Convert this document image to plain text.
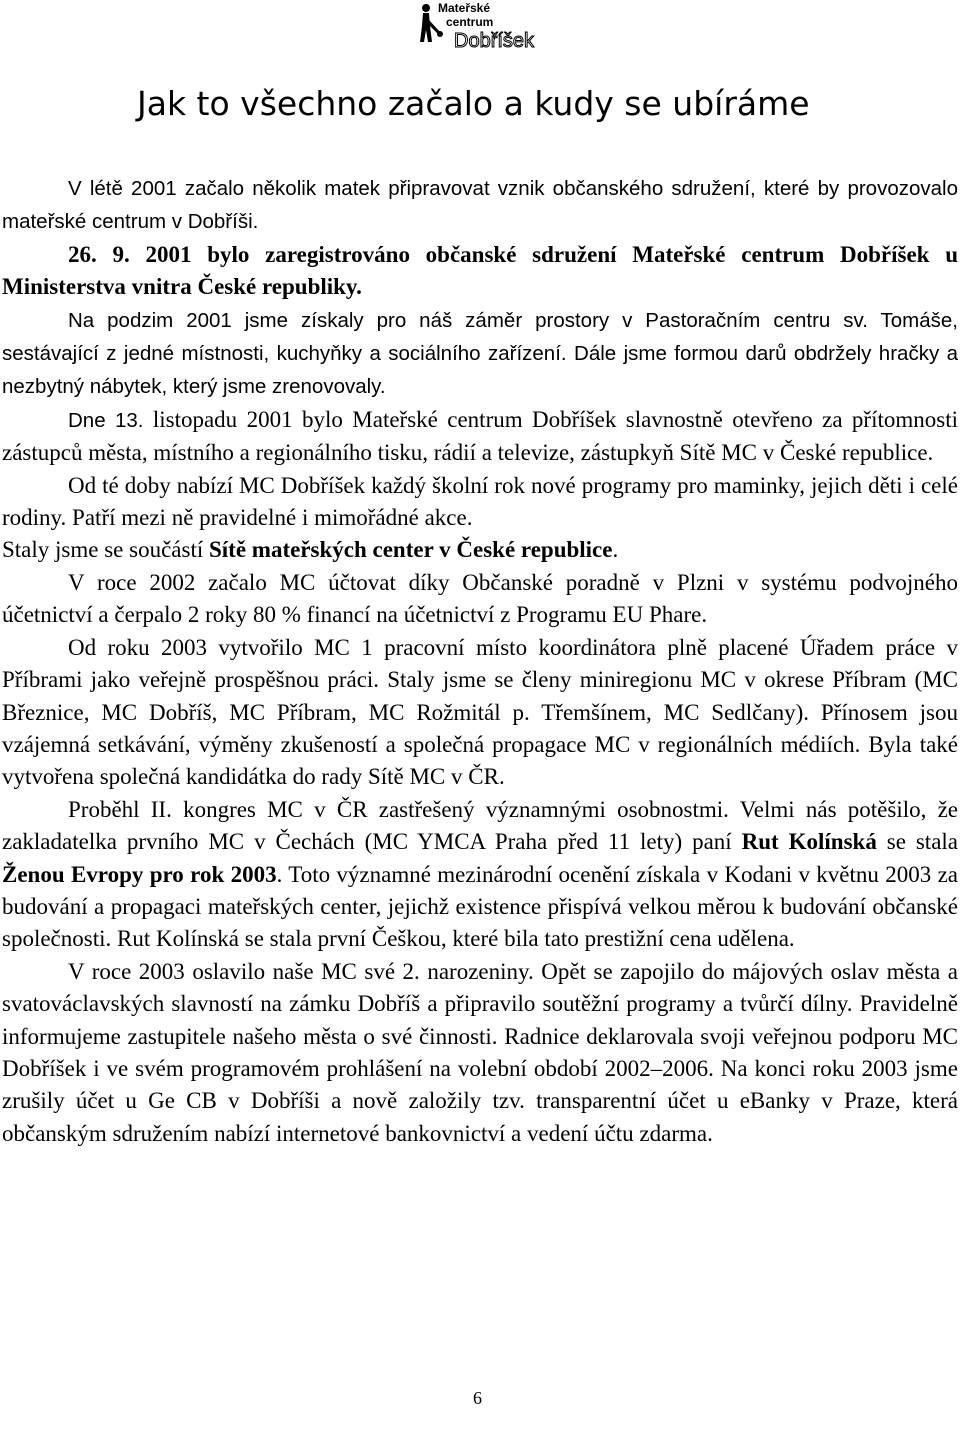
Mateřské
centrum
Dobříšek
Jak to všechno začalo a kudy se ubíráme

V létě 2001 začalo několik matek připravovat vznik občanského sdružení, které by provozovalo mateřské centrum v Dobříši.

26. 9. 2001 bylo zaregistrováno občanské sdružení Mateřské centrum Dobříšek u Ministerstva vnitra České republiky.

Na podzim 2001 jsme získaly pro náš záměr prostory v Pastoračním centru sv. Tomáše, sestávající z jedné místnosti, kuchyňky a sociálního zařízení. Dále jsme formou darů obdržely hračky a nezbytný nábytek, který jsme zrenovovaly.

Dne 13. listopadu 2001 bylo Mateřské centrum Dobříšek slavnostně otevřeno za přítomnosti zástupců města, místního a regionálního tisku, rádií a televize, zástupkyň Sítě MC v České republice.

Od té doby nabízí MC Dobříšek každý školní rok nové programy pro maminky, jejich děti i celé rodiny. Patří mezi ně pravidelné i mimořádné akce.

Staly jsme se součástí Sítě mateřských center v České republice.

V roce 2002 začalo MC účtovat díky Občanské poradně v Plzni v systému podvojného účetnictví a čerpalo 2 roky 80 % financí na účetnictví z Programu EU Phare.

Od roku 2003 vytvořilo MC 1 pracovní místo koordinátora plně placené Úřadem práce v Příbrami jako veřejně prospěšnou práci. Staly jsme se členy miniregionu MC v okrese Příbram (MC Březnice, MC Dobříš, MC Příbram, MC Rožmitál p. Třemšínem, MC Sedlčany). Přínosem jsou vzájemná setkávání, výměny zkušeností a společná propagace MC v regionálních médiích. Byla také vytvořena společná kandidátka do rady Sítě MC v ČR.

Proběhl II. kongres MC v ČR zastřešený významnými osobnostmi. Velmi nás potěšilo, že zakladatelka prvního MC v Čechách (MC YMCA Praha před 11 lety) paní Rut Kolínská se stala Ženou Evropy pro rok 2003. Toto významné mezinárodní ocenění získala v Kodani v květnu 2003 za budování a propagaci mateřských center, jejichž existence přispívá velkou měrou k budování občanské společnosti. Rut Kolínská se stala první Češkou, které bila tato prestižní cena udělena.

V roce 2003 oslavilo naše MC své 2. narozeniny. Opět se zapojilo do májových oslav města a svatováclavských slavností na zámku Dobříš a připravilo soutěžní programy a tvůrčí dílny. Pravidelně informujeme zastupitele našeho města o své činnosti. Radnice deklarovala svoji veřejnou podporu MC Dobříšek i ve svém programovém prohlášení na volební období 2002–2006. Na konci roku 2003 jsme zrušily účet u Ge CB v Dobříši a nově založily tzv. transparentní účet u eBanky v Praze, která občanským sdružením nabízí internetové bankovnictví a vedení účtu zdarma.

6
